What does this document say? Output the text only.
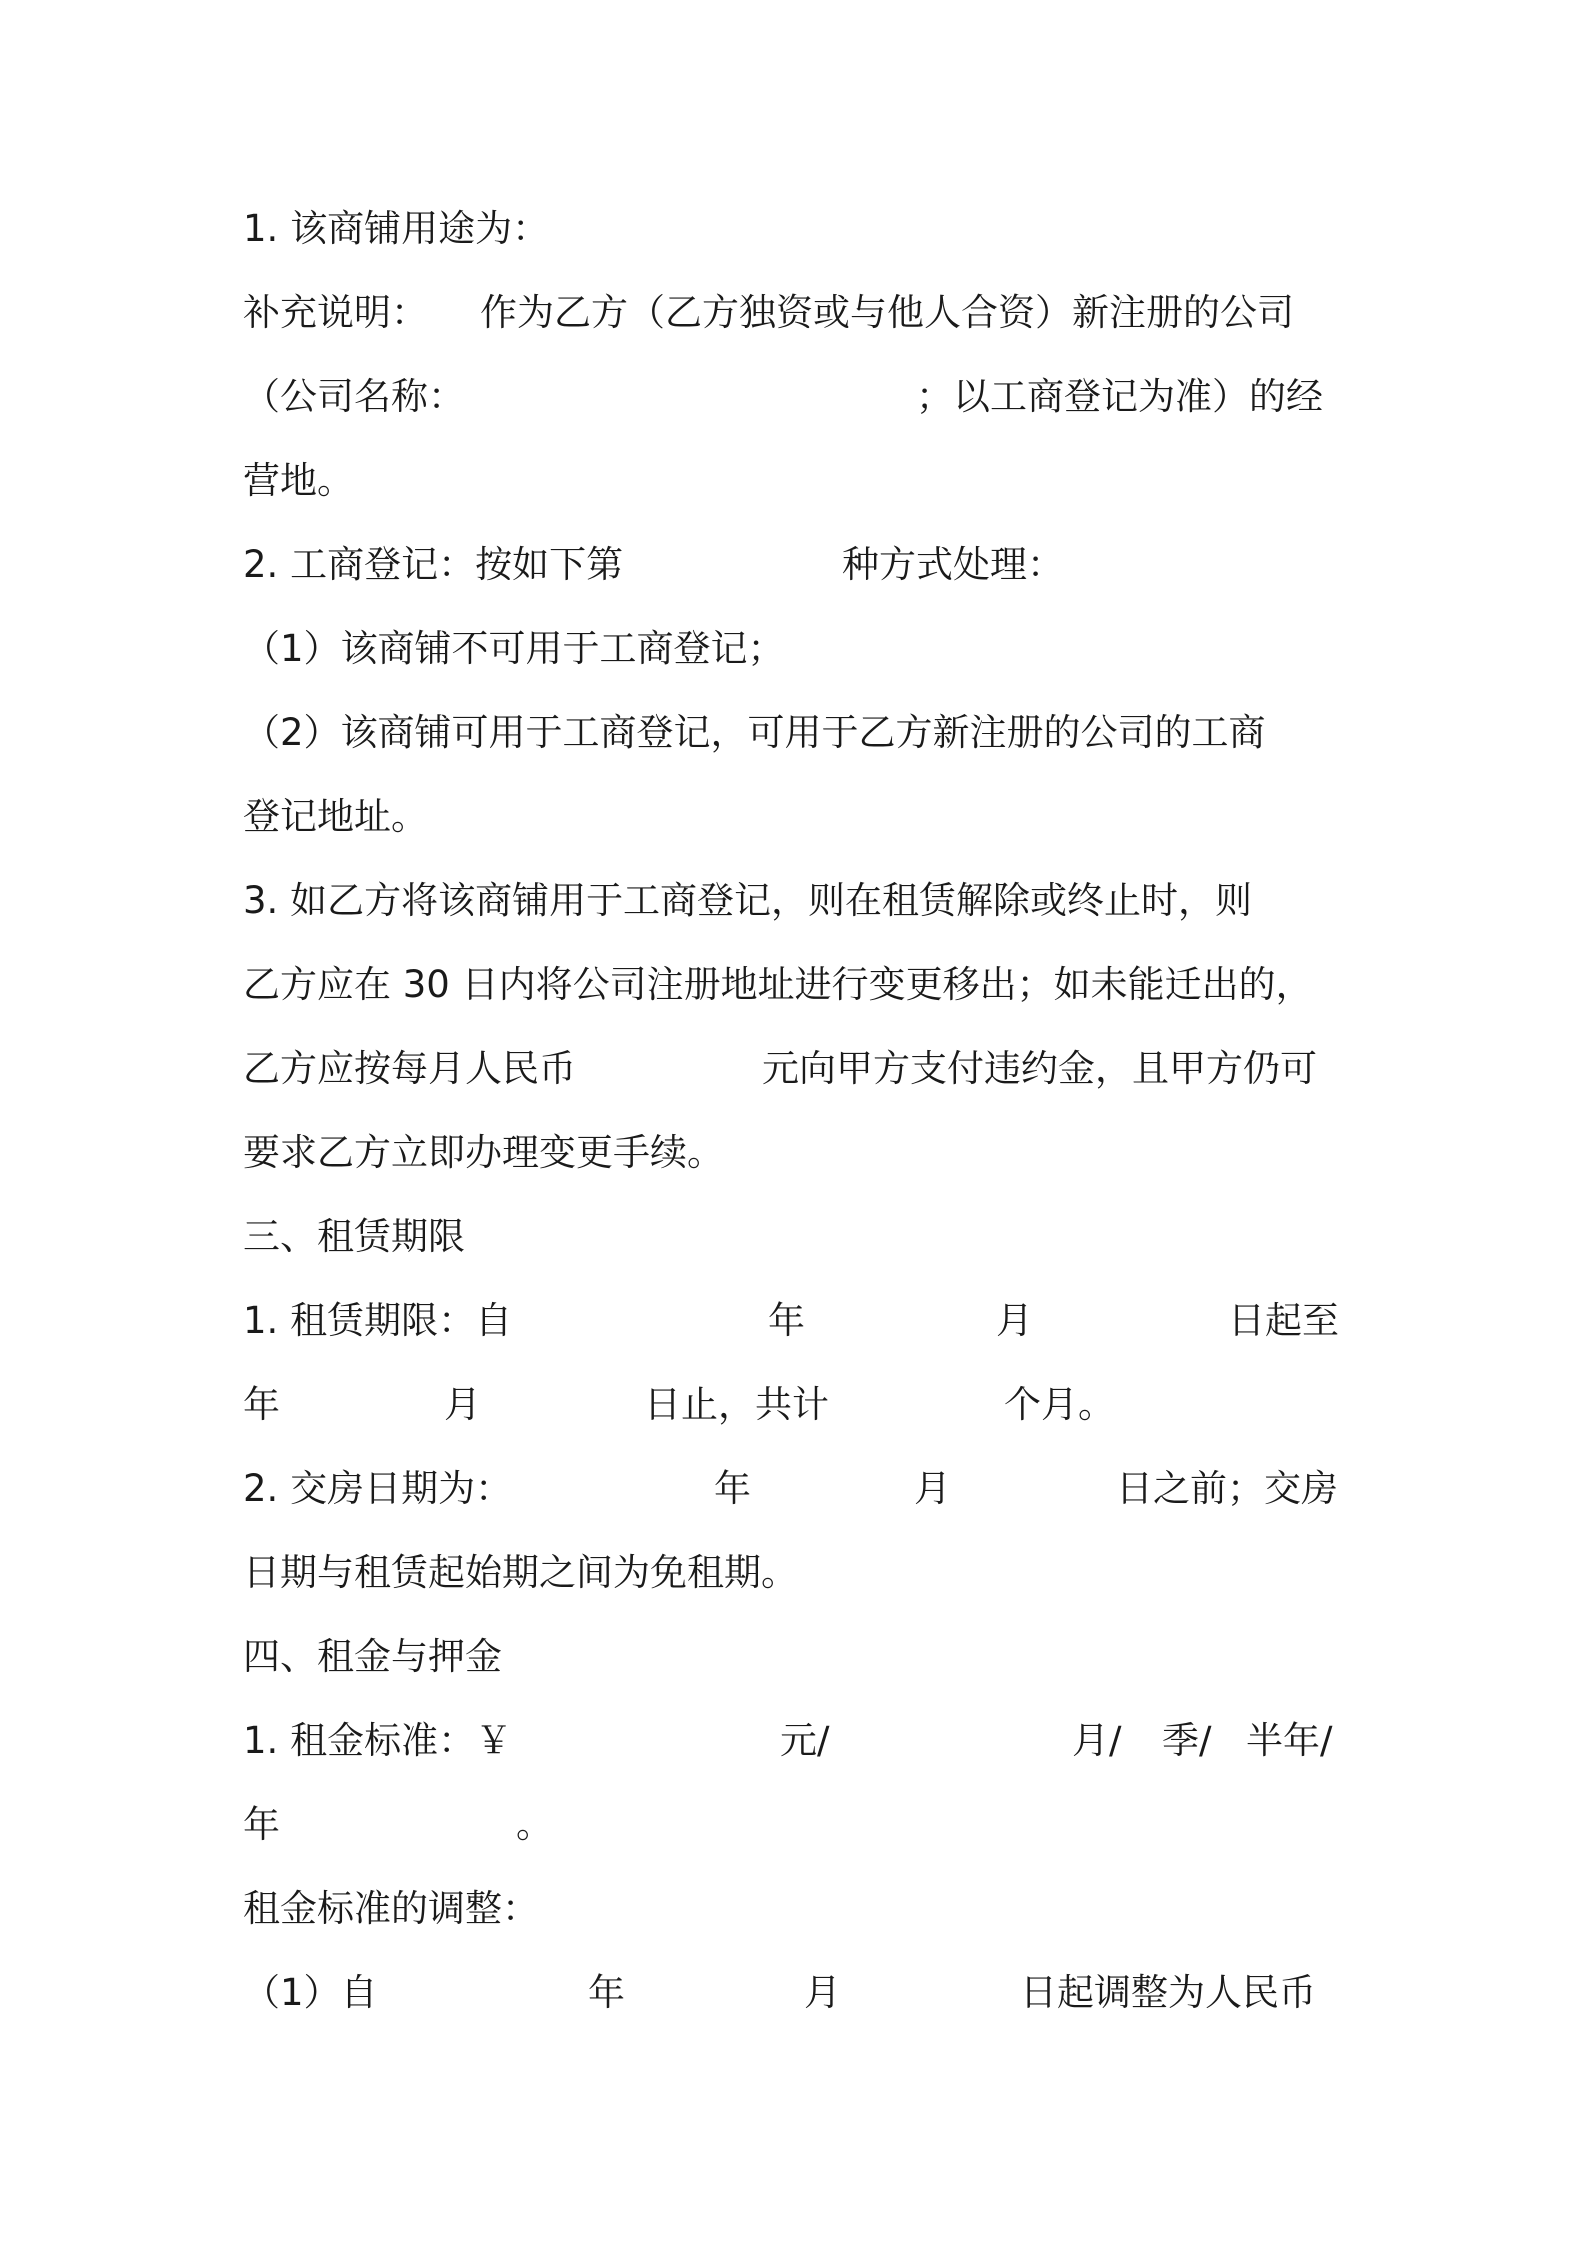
1. 该商铺用途为：
补充说明： 作为乙方（乙方独资或与他人合资）新注册的公司
（公司名称：	；以工商登记为准）的经
营地。
2. 工商登记：按如下第	种方式处理：
（1）该商铺不可用于工商登记；
（2）该商铺可用于工商登记，可用于乙方新注册的公司的工商
登记地址。
3. 如乙方将该商铺用于工商登记，则在租赁解除或终止时，则
乙方应在 30 日内将公司注册地址进行变更移出；如未能迁出的，
乙方应按每月人民币	元向甲方支付违约金，且甲方仍可
要求乙方立即办理变更手续。
三、租赁期限
1. 租赁期限：自	年	月	日起至
年	月	日止，共计	个月。
2. 交房日期为：	年	月	日之前；交房
日期与租赁起始期之间为免租期。
四、租金与押金
1. 租金标准：￥	元/	月/ 季/ 半年/
年	。
租金标准的调整：
（1）自	年	月	日起调整为人民币
